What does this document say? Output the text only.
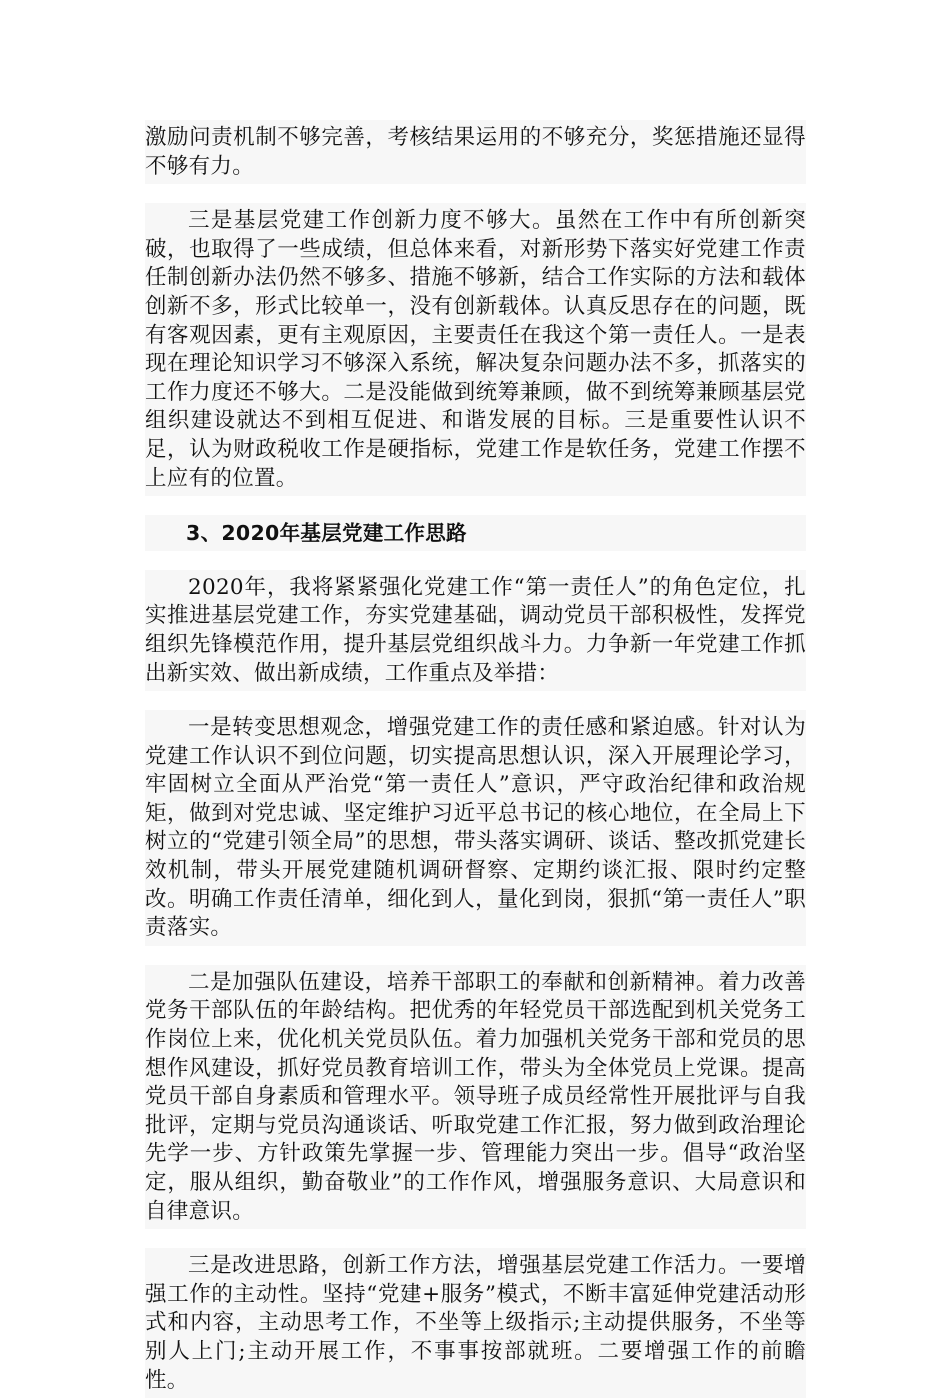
激励问责机制不够完善，考核结果运用的不够充分，奖惩措施还显得不够有力。

三是基层党建工作创新力度不够大。虽然在工作中有所创新突破，也取得了一些成绩，但总体来看，对新形势下落实好党建工作责任制创新办法仍然不够多、措施不够新，结合工作实际的方法和载体创新不多，形式比较单一，没有创新载体。认真反思存在的问题，既有客观因素，更有主观原因，主要责任在我这个第一责任人。一是表现在理论知识学习不够深入系统，解决复杂问题办法不多，抓落实的工作力度还不够大。二是没能做到统筹兼顾，做不到统筹兼顾基层党组织建设就达不到相互促进、和谐发展的目标。三是重要性认识不足，认为财政税收工作是硬指标，党建工作是软任务，党建工作摆不上应有的位置。

3、2020年基层党建工作思路

2020年，我将紧紧强化党建工作“第一责任人”的角色定位，扎实推进基层党建工作，夯实党建基础，调动党员干部积极性，发挥党组织先锋模范作用，提升基层党组织战斗力。力争新一年党建工作抓出新实效、做出新成绩，工作重点及举措：

一是转变思想观念，增强党建工作的责任感和紧迫感。针对认为党建工作认识不到位问题，切实提高思想认识，深入开展理论学习，牢固树立全面从严治党“第一责任人”意识，严守政治纪律和政治规矩，做到对党忠诚、坚定维护习近平总书记的核心地位，在全局上下树立的“党建引领全局”的思想，带头落实调研、谈话、整改抓党建长效机制，带头开展党建随机调研督察、定期约谈汇报、限时约定整改。明确工作责任清单，细化到人，量化到岗，狠抓“第一责任人”职责落实。

二是加强队伍建设，培养干部职工的奉献和创新精神。着力改善党务干部队伍的年龄结构。把优秀的年轻党员干部选配到机关党务工作岗位上来，优化机关党员队伍。着力加强机关党务干部和党员的思想作风建设，抓好党员教育培训工作，带头为全体党员上党课。提高党员干部自身素质和管理水平。领导班子成员经常性开展批评与自我批评，定期与党员沟通谈话、听取党建工作汇报，努力做到政治理论先学一步、方针政策先掌握一步、管理能力突出一步。倡导“政治坚定，服从组织，勤奋敬业”的工作作风，增强服务意识、大局意识和自律意识。

三是改进思路，创新工作方法，增强基层党建工作活力。一要增强工作的主动性。坚持“党建+服务”模式，不断丰富延伸党建活动形式和内容，主动思考工作，不坐等上级指示;主动提供服务，不坐等别人上门;主动开展工作，不事事按部就班。二要增强工作的前瞻性。
